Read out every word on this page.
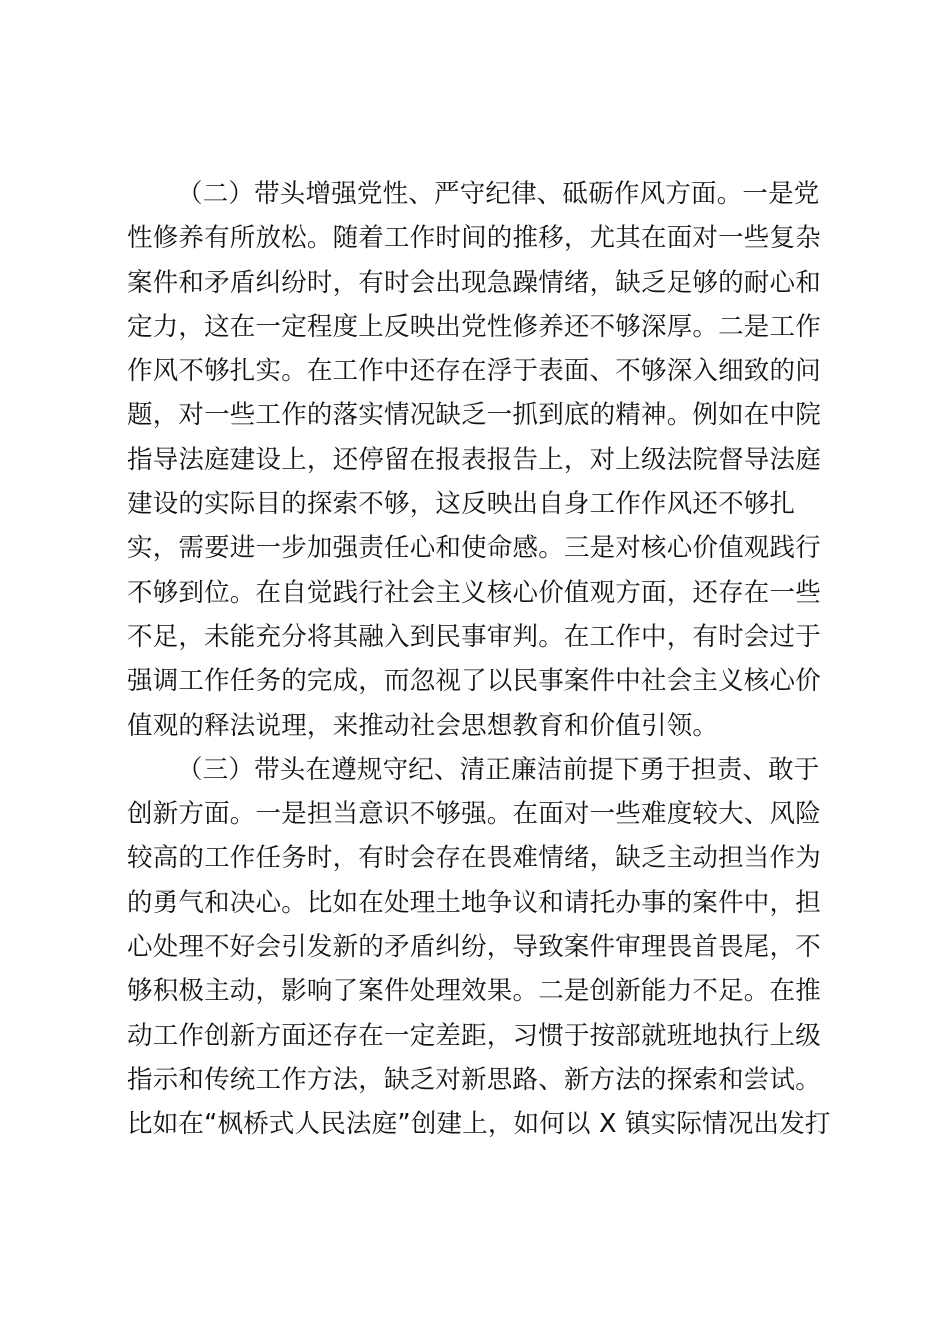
（二）带头增强党性、严守纪律、砥砺作风方面。一是党
性修养有所放松。随着工作时间的推移，尤其在面对一些复杂
案件和矛盾纠纷时，有时会出现急躁情绪，缺乏足够的耐心和
定力，这在一定程度上反映出党性修养还不够深厚。二是工作
作风不够扎实。在工作中还存在浮于表面、不够深入细致的问
题，对一些工作的落实情况缺乏一抓到底的精神。例如在中院
指导法庭建设上，还停留在报表报告上，对上级法院督导法庭
建设的实际目的探索不够，这反映出自身工作作风还不够扎
实，需要进一步加强责任心和使命感。三是对核心价值观践行
不够到位。在自觉践行社会主义核心价值观方面，还存在一些
不足，未能充分将其融入到民事审判。在工作中，有时会过于
强调工作任务的完成，而忽视了以民事案件中社会主义核心价
值观的释法说理，来推动社会思想教育和价值引领。
（三）带头在遵规守纪、清正廉洁前提下勇于担责、敢于
创新方面。一是担当意识不够强。在面对一些难度较大、风险
较高的工作任务时，有时会存在畏难情绪，缺乏主动担当作为
的勇气和决心。比如在处理土地争议和请托办事的案件中，担
心处理不好会引发新的矛盾纠纷，导致案件审理畏首畏尾，不
够积极主动，影响了案件处理效果。二是创新能力不足。在推
动工作创新方面还存在一定差距，习惯于按部就班地执行上级
指示和传统工作方法，缺乏对新思路、新方法的探索和尝试。
比如在“枫桥式人民法庭”创建上，如何以 X 镇实际情况出发打
